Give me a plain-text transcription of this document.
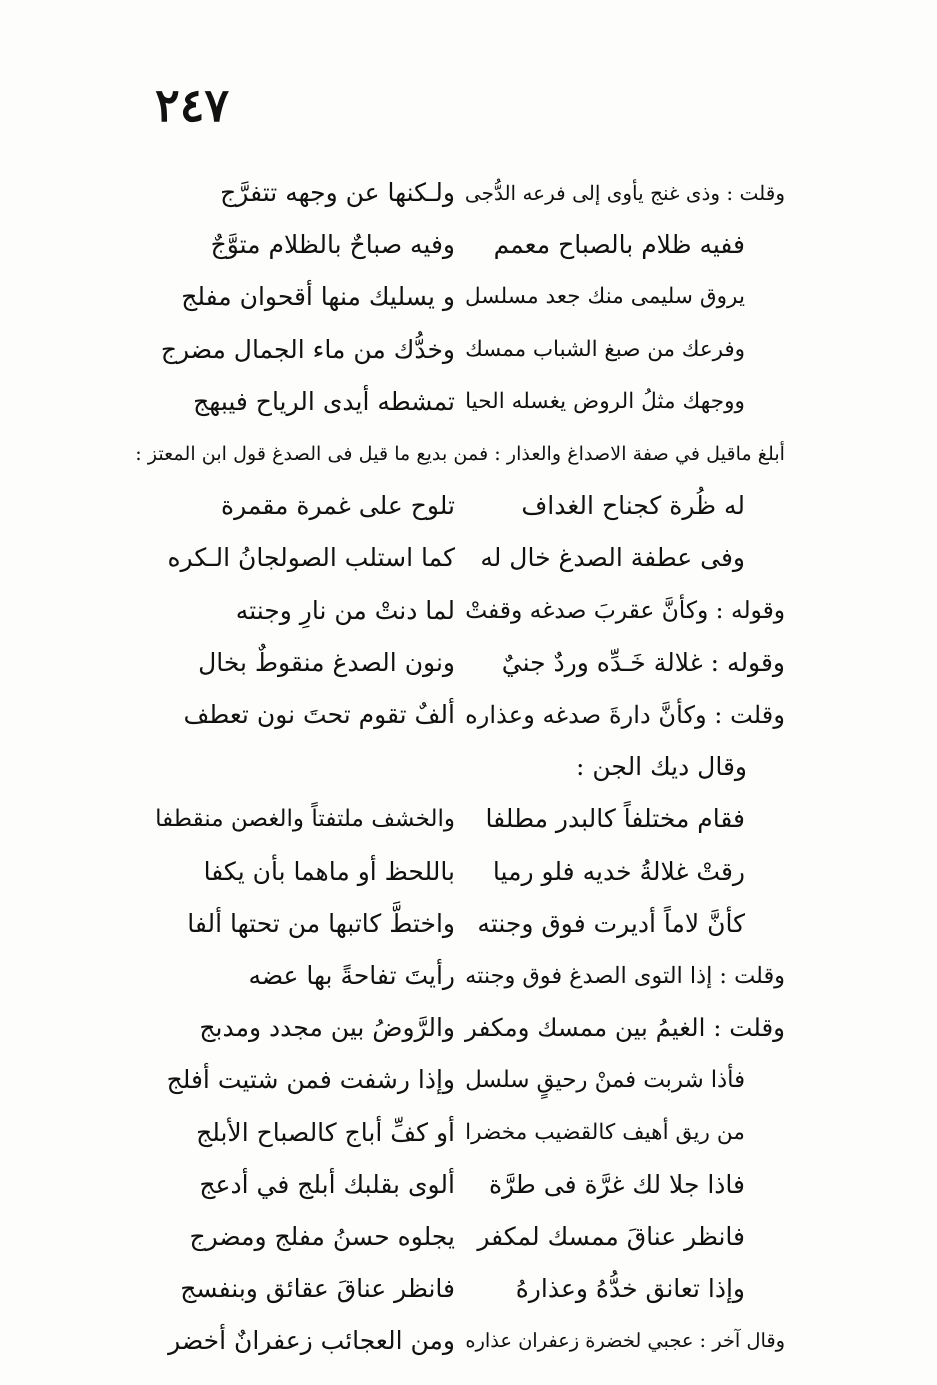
٢٤٧
وقلت : وذى غنج يأوى إلى فرعه الدُّجى
ولـكنها عن وجهه تتفرَّج
ففيه ظلام بالصباح معمم
وفيه صباحٌ بالظلام متوَّجٌ
يروق سليمى منك جعد مسلسل
و يسليك منها أقحوان مفلج
وفرعك من صبغ الشباب ممسك
وخدُّك من ماء الجمال مضرج
ووجهك مثلُ الروض يغسله الحيا
تمشطه أيدى الرياح فيبهج
أبلغ ماقيل في صفة الاصداغ والعذار : فمن بديع ما قيل فى الصدغ قول ابن المعتز :
له ظُرة كجناح الغداف
تلوح على غمرة مقمرة
وفى عطفة الصدغ خال له
كما استلب الصولجانُ الـكره
وقوله : وكأنَّ عقربَ صدغه وقفتْ
لما دنتْ من نارِ وجنته
وقوله : غلالة خَـدِّه وردٌ جنيٌ
ونون الصدغ منقوطٌ بخال
وقلت : وكأنَّ دارةَ صدغه وعذاره
ألفٌ تقوم تحتَ نون تعطف
وقال ديك الجن :
فقام مختلفاً كالبدر مطلفا
والخشف ملتفتاً والغصن منقطفا
رقتْ غلالةُ خديه فلو رميا
باللحظ أو ماهما بأن يكفا
كأنَّ لاماً أديرت فوق وجنته
واختطَّ كاتبها من تحتها ألفا
وقلت : إذا التوى الصدغ فوق وجنته
رأيتَ تفاحةً بها عضه
وقلت : الغيمُ بين ممسك ومكفر
والرَّوضُ بين مجدد ومدبج
فأذا شربت فمنْ رحيقٍ سلسل
وإذا رشفت فمن شتيت أفلج
من ريق أهيف كالقضيب مخضرا
أو كفِّ أباج كالصباح الأبلج
فاذا جلا لك غرَّة فى طرَّة
ألوى بقلبك أبلج في أدعج
فانظر عناقَ ممسك لمكفر
يجلوه حسنُ مفلج ومضرج
وإذا تعانق خدُّهُ وعذارهُ
فانظر عناقَ عقائق وبنفسج
وقال آخر : عجبي لخضرة زعفران عذاره
ومن العجائب زعفرانٌ أخضر
